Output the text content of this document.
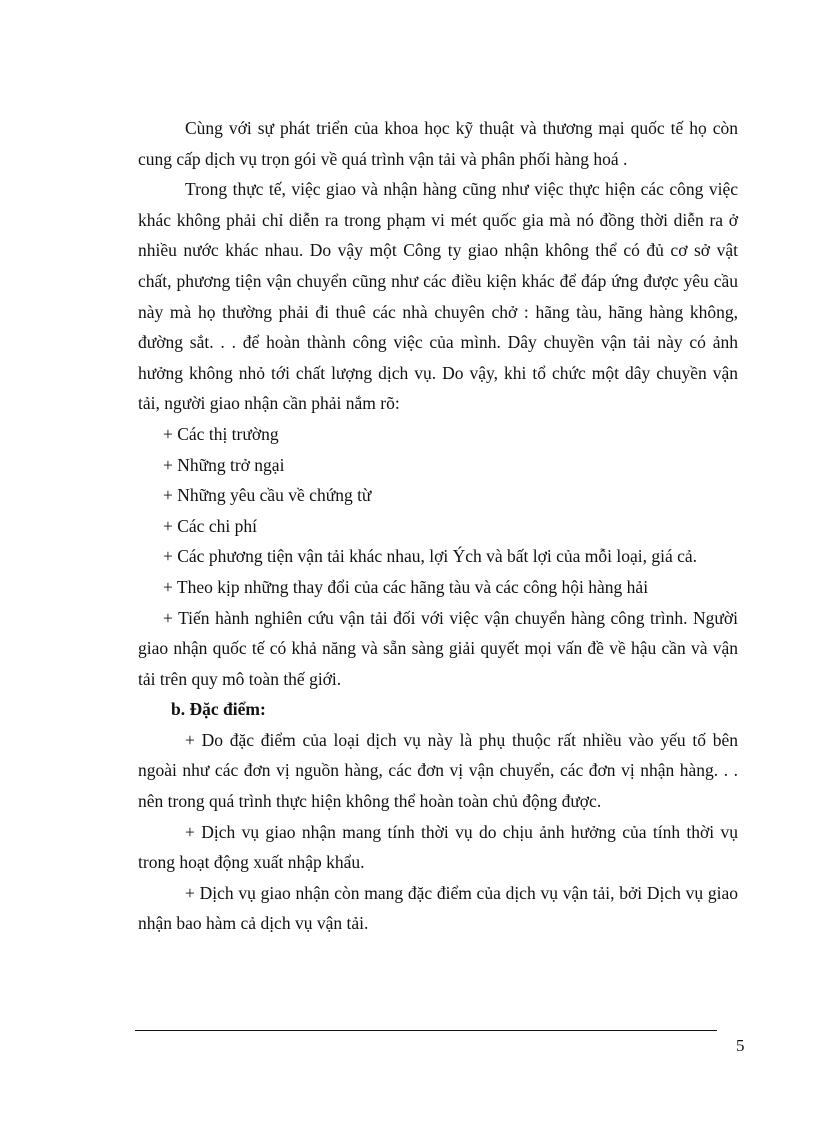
Cùng với sự phát triển của khoa học kỹ thuật và thương mại quốc tế họ còn cung cấp dịch vụ trọn gói về quá trình vận tải và phân phối hàng hoá .

Trong thực tế, việc giao và nhận hàng cũng như việc thực hiện các công việc khác không phải chỉ diễn ra trong phạm vi mét quốc gia mà nó đồng thời diễn ra ở nhiều nước khác nhau. Do vậy một Công ty giao nhận không thể có đủ cơ sở vật chất, phương tiện vận chuyển cũng như các điều kiện khác để đáp ứng được yêu cầu này mà họ thường phải đi thuê các nhà chuyên chở : hãng tàu, hãng hàng không, đường sắt. . . để hoàn thành công việc của mình. Dây chuyền vận tải này có ảnh hưởng không nhỏ tới chất lượng dịch vụ. Do vậy, khi tổ chức một dây chuyền vận tải, người giao nhận cần phải nắm rõ:

+ Các thị trường

+ Những trở ngại

+ Những yêu cầu về chứng từ

+ Các chi phí

+ Các phương tiện vận tải khác nhau, lợi Ých và bất lợi của mỗi loại, giá cả.

+ Theo kịp những thay đổi của các hãng tàu và các công hội hàng hải

+ Tiến hành nghiên cứu vận tải đối với việc vận chuyển hàng công trình. Người giao nhận quốc tế có khả năng và sẵn sàng giải quyết mọi vấn đề về hậu cần và vận tải trên quy mô toàn thế giới.

b. Đặc điểm:

+ Do đặc điểm của loại dịch vụ này là phụ thuộc rất nhiều vào yếu tố bên ngoài như các đơn vị nguồn hàng, các đơn vị vận chuyển, các đơn vị nhận hàng. . . nên trong quá trình thực hiện không thể hoàn toàn chủ động được.

+ Dịch vụ giao nhận mang tính thời vụ do chịu ảnh hưởng của tính thời vụ trong hoạt động xuất nhập khẩu.

+ Dịch vụ giao nhận còn mang đặc điểm của dịch vụ vận tải, bởi Dịch vụ giao nhận bao hàm cả dịch vụ vận tải.

5
